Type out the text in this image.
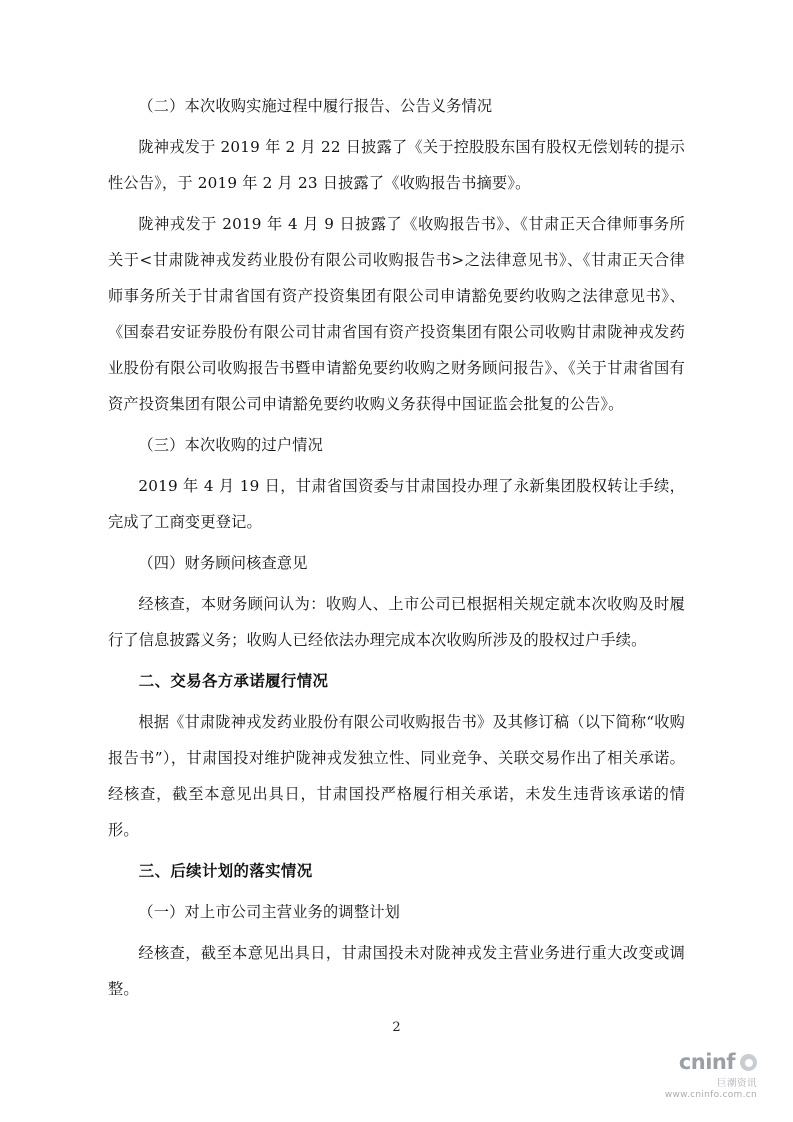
（二）本次收购实施过程中履行报告、公告义务情况

陇神戎发于 2019 年 2 月 22 日披露了《关于控股股东国有股权无偿划转的提示性公告》，于 2019 年 2 月 23 日披露了《收购报告书摘要》。

陇神戎发于 2019 年 4 月 9 日披露了《收购报告书》、《甘肃正天合律师事务所关于<甘肃陇神戎发药业股份有限公司收购报告书>之法律意见书》、《甘肃正天合律师事务所关于甘肃省国有资产投资集团有限公司申请豁免要约收购之法律意见书》、《国泰君安证券股份有限公司甘肃省国有资产投资集团有限公司收购甘肃陇神戎发药业股份有限公司收购报告书暨申请豁免要约收购之财务顾问报告》、《关于甘肃省国有资产投资集团有限公司申请豁免要约收购义务获得中国证监会批复的公告》。

（三）本次收购的过户情况

2019 年 4 月 19 日，甘肃省国资委与甘肃国投办理了永新集团股权转让手续，完成了工商变更登记。

（四）财务顾问核查意见

经核查，本财务顾问认为：收购人、上市公司已根据相关规定就本次收购及时履行了信息披露义务；收购人已经依法办理完成本次收购所涉及的股权过户手续。

二、交易各方承诺履行情况

根据《甘肃陇神戎发药业股份有限公司收购报告书》及其修订稿（以下简称“收购报告书”），甘肃国投对维护陇神戎发独立性、同业竞争、关联交易作出了相关承诺。经核查，截至本意见出具日，甘肃国投严格履行相关承诺，未发生违背该承诺的情形。

三、后续计划的落实情况

（一）对上市公司主营业务的调整计划

经核查，截至本意见出具日，甘肃国投未对陇神戎发主营业务进行重大改变或调整。

2
cninf
巨潮资讯
www.cninfo.com.cn
